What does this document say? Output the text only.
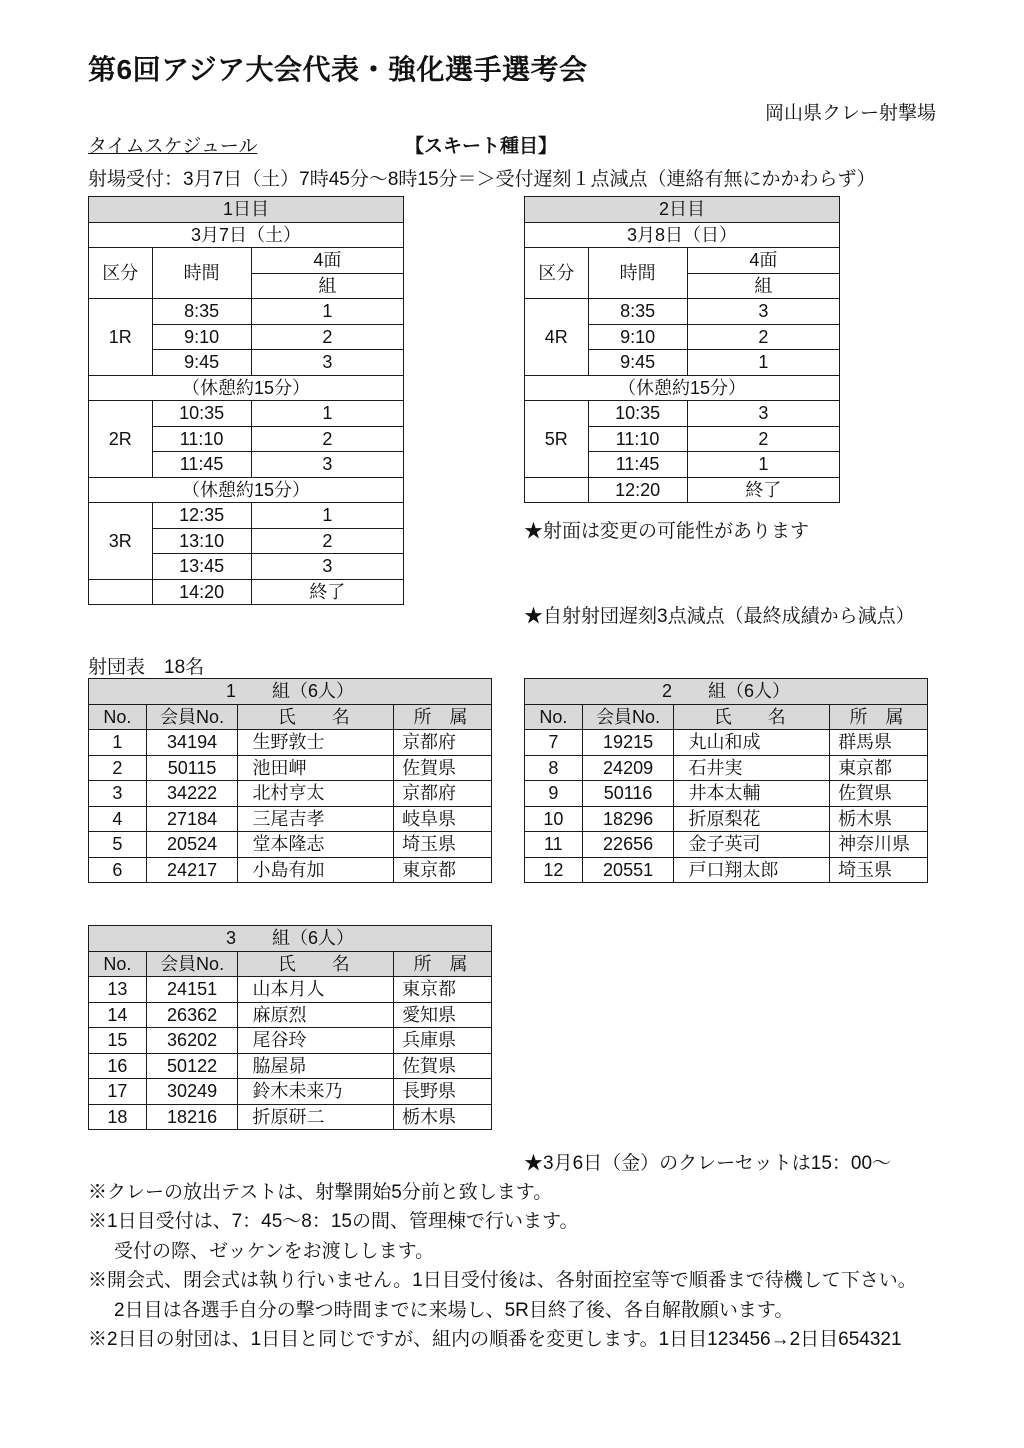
第6回アジア大会代表・強化選手選考会
岡山県クレー射撃場
タイムスケジュール	【スキート種目】
射場受付：3月7日（土）7時45分～8時15分＝＞受付遅刻１点減点（連絡有無にかかわらず）
1日目		
3月7日（土）		
区分	時間	4面
		組
1R	8:35	1
	9:10	2
	9:45	3
（休憩約15分）		
2R	10:35	1
	11:10	2
	11:45	3
（休憩約15分）		
3R	12:35	1
	13:10	2
	13:45	3
	14:20	終了
2日目		
3月8日（日）		
区分	時間	4面
		組
4R	8:35	3
	9:10	2
	9:45	1
（休憩約15分）		
5R	10:35	3
	11:10	2
	11:45	1
	12:20	終了
★射面は変更の可能性があります
★自射射団遅刻3点減点（最終成績から減点）
射団表　18名
1　　組（6人）			
No.	会員No.	氏　　名	所　属
1	34194	生野敦士	京都府
2	50115	池田岬	佐賀県
3	34222	北村亨太	京都府
4	27184	三尾吉孝	岐阜県
5	20524	堂本隆志	埼玉県
6	24217	小島有加	東京都
2　　組（6人）			
No.	会員No.	氏　　名	所　属
7	19215	丸山和成	群馬県
8	24209	石井実	東京都
9	50116	井本太輔	佐賀県
10	18296	折原梨花	栃木県
11	22656	金子英司	神奈川県
12	20551	戸口翔太郎	埼玉県
3　　組（6人）			
No.	会員No.	氏　　名	所　属
13	24151	山本月人	東京都
14	26362	麻原烈	愛知県
15	36202	尾谷玲	兵庫県
16	50122	脇屋昴	佐賀県
17	30249	鈴木未来乃	長野県
18	18216	折原研二	栃木県
★3月6日（金）のクレーセットは15：00～
※クレーの放出テストは、射撃開始5分前と致します。
※1日目受付は、7：45～8：15の間、管理棟で行います。
受付の際、ゼッケンをお渡しします。
※開会式、閉会式は執り行いません。1日目受付後は、各射面控室等で順番まで待機して下さい。
2日目は各選手自分の撃つ時間までに来場し、5R目終了後、各自解散願います。
※2日目の射団は、1日目と同じですが、組内の順番を変更します。1日目123456→2日目654321
